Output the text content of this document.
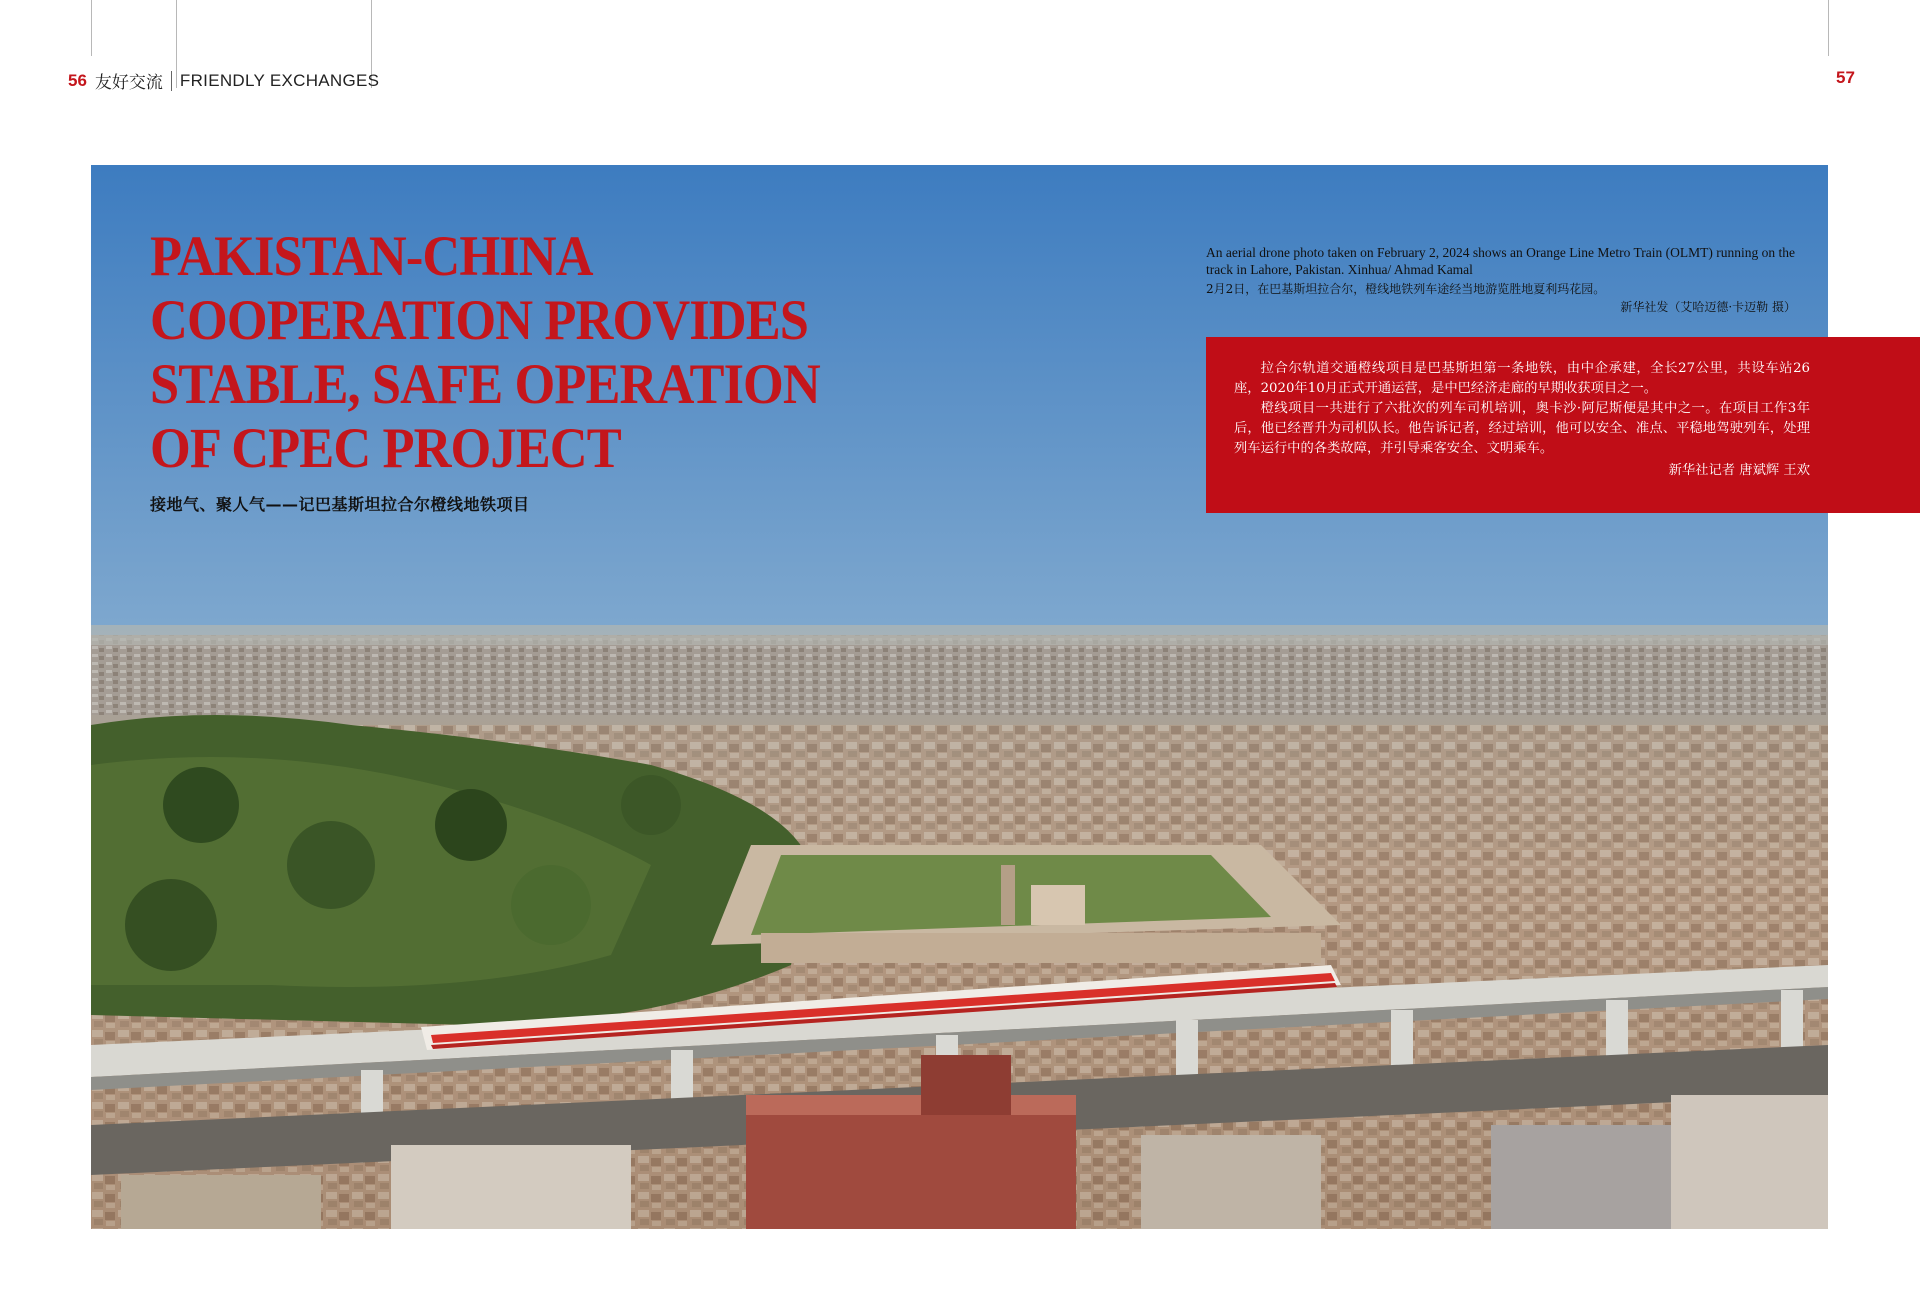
56 友好交流 FRIENDLY EXCHANGES	57
PAKISTAN-CHINA
COOPERATION PROVIDES
STABLE, SAFE OPERATION
OF CPEC PROJECT
接地气、聚人气——记巴基斯坦拉合尔橙线地铁项目
An aerial drone photo taken on February 2, 2024 shows an Orange Line Metro Train (OLMT) running on the track in Lahore, Pakistan. Xinhua/ Ahmad Kamal
2月2日，在巴基斯坦拉合尔，橙线地铁列车途经当地游览胜地夏利玛花园。
新华社发（艾哈迈德·卡迈勒 摄）

拉合尔轨道交通橙线项目是巴基斯坦第一条地铁，由中企承建，全长27公里，共设车站26座，2020年10月正式开通运营，是中巴经济走廊的早期收获项目之一。

橙线项目一共进行了六批次的列车司机培训，奥卡沙·阿尼斯便是其中之一。在项目工作3年后，他已经晋升为司机队长。他告诉记者，经过培训，他可以安全、准点、平稳地驾驶列车，处理列车运行中的各类故障，并引导乘客安全、文明乘车。

新华社记者 唐斌辉 王欢
